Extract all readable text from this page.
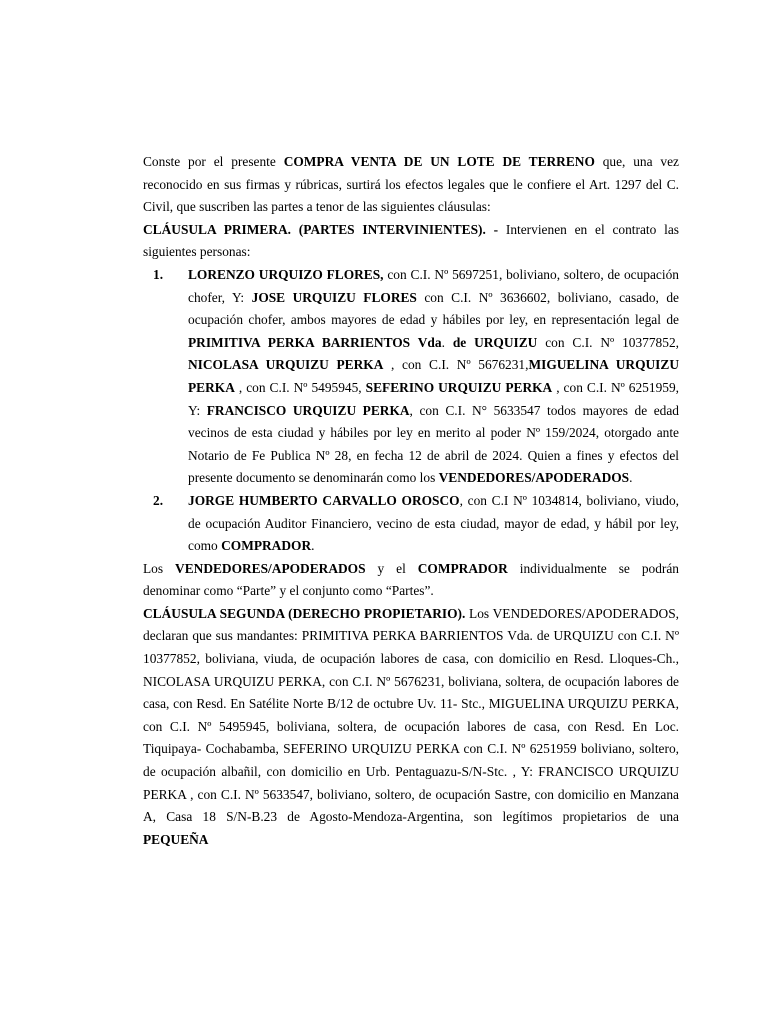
Conste por el presente COMPRA VENTA DE UN LOTE DE TERRENO que, una vez reconocido en sus firmas y rúbricas, surtirá los efectos legales que le confiere el Art. 1297 del C. Civil, que suscriben las partes a tenor de las siguientes cláusulas:

CLÁUSULA PRIMERA. (PARTES INTERVINIENTES). - Intervienen en el contrato las siguientes personas:

1. LORENZO URQUIZO FLORES, con C.I. Nº 5697251, boliviano, soltero, de ocupación chofer, Y: JOSE URQUIZU FLORES con C.I. Nº 3636602, boliviano, casado, de ocupación chofer, ambos mayores de edad y hábiles por ley, en representación legal de PRIMITIVA PERKA BARRIENTOS Vda. de URQUIZU con C.I. Nº 10377852, NICOLASA URQUIZU PERKA , con C.I. Nº 5676231,MIGUELINA URQUIZU PERKA , con C.I. Nº 5495945, SEFERINO URQUIZU PERKA , con C.I. Nº 6251959, Y: FRANCISCO URQUIZU PERKA, con C.I. N° 5633547 todos mayores de edad vecinos de esta ciudad y hábiles por ley en merito al poder Nº 159/2024, otorgado ante Notario de Fe Publica Nº 28, en fecha 12 de abril de 2024. Quien a fines y efectos del presente documento se denominarán como los VENDEDORES/APODERADOS.
2. JORGE HUMBERTO CARVALLO OROSCO, con C.I Nº 1034814, boliviano, viudo, de ocupación Auditor Financiero, vecino de esta ciudad, mayor de edad, y hábil por ley, como COMPRADOR.

Los VENDEDORES/APODERADOS y el COMPRADOR individualmente se podrán denominar como “Parte” y el conjunto como “Partes”.

CLÁUSULA SEGUNDA (DERECHO PROPIETARIO). Los VENDEDORES/APODERADOS, declaran que sus mandantes: PRIMITIVA PERKA BARRIENTOS Vda. de URQUIZU con C.I. Nº 10377852, boliviana, viuda, de ocupación labores de casa, con domicilio en Resd. Lloques-Ch., NICOLASA URQUIZU PERKA, con C.I. Nº 5676231, boliviana, soltera, de ocupación labores de casa, con Resd. En Satélite Norte B/12 de octubre Uv. 11- Stc., MIGUELINA URQUIZU PERKA, con C.I. Nº 5495945, boliviana, soltera, de ocupación labores de casa, con Resd. En Loc. Tiquipaya- Cochabamba, SEFERINO URQUIZU PERKA con C.I. Nº 6251959 boliviano, soltero, de ocupación albañil, con domicilio en Urb. Pentaguazu-S/N-Stc. , Y: FRANCISCO URQUIZU PERKA , con C.I. Nº 5633547, boliviano, soltero, de ocupación Sastre, con domicilio en Manzana A, Casa 18 S/N-B.23 de Agosto-Mendoza-Argentina, son legítimos propietarios de una PEQUEÑA
